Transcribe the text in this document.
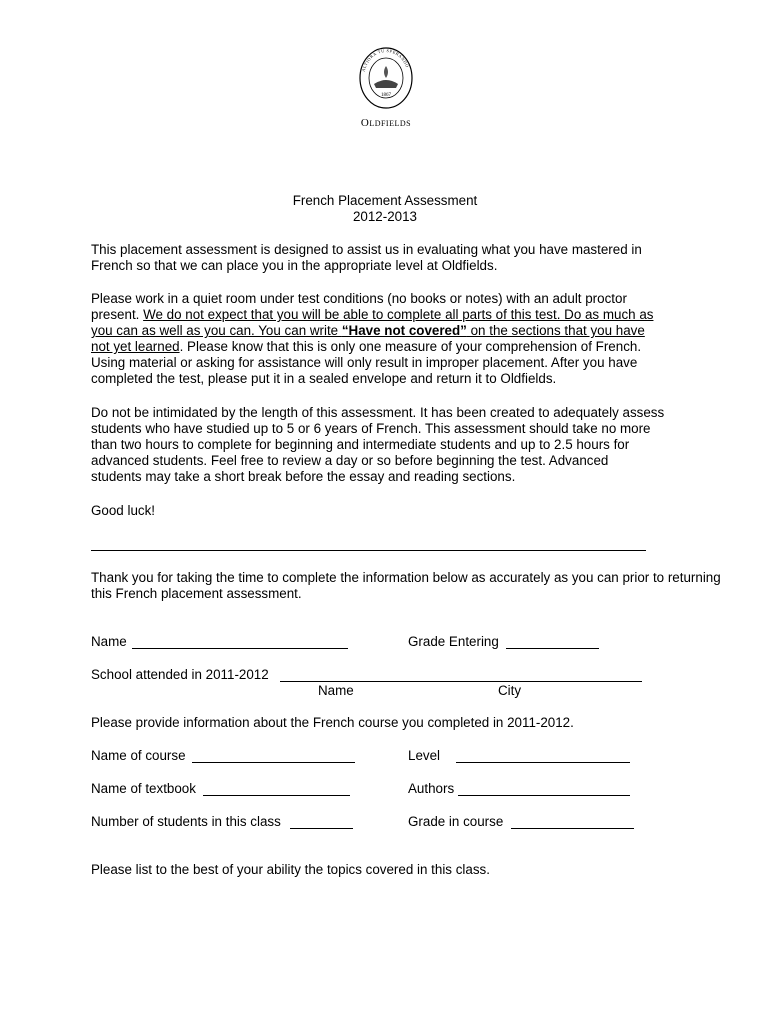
1867
ALTIORA TU SPERANDO
Oldfields
French Placement Assessment
2012-2013
This placement assessment is designed to assist us in evaluating what you have mastered in
French so that we can place you in the appropriate level at Oldfields.
Please work in a quiet room under test conditions (no books or notes) with an adult proctor
present. We do not expect that you will be able to complete all parts of this test. Do as much as
you can as well as you can. You can write “Have not covered” on the sections that you have
not yet learned. Please know that this is only one measure of your comprehension of French.
Using material or asking for assistance will only result in improper placement. After you have
completed the test, please put it in a sealed envelope and return it to Oldfields.
Do not be intimidated by the length of this assessment. It has been created to adequately assess
students who have studied up to 5 or 6 years of French. This assessment should take no more
than two hours to complete for beginning and intermediate students and up to 2.5 hours for
advanced students. Feel free to review a day or so before beginning the test. Advanced
students may take a short break before the essay and reading sections.
Good luck!
Thank you for taking the time to complete the information below as accurately as you can prior to returning
this French placement assessment.
Name	Grade Entering
School attended in 2011-2012
Name	City
Please provide information about the French course you completed in 2011-2012.
Name of course	Level
Name of textbook	Authors
Number of students in this class	Grade in course
Please list to the best of your ability the topics covered in this class.
